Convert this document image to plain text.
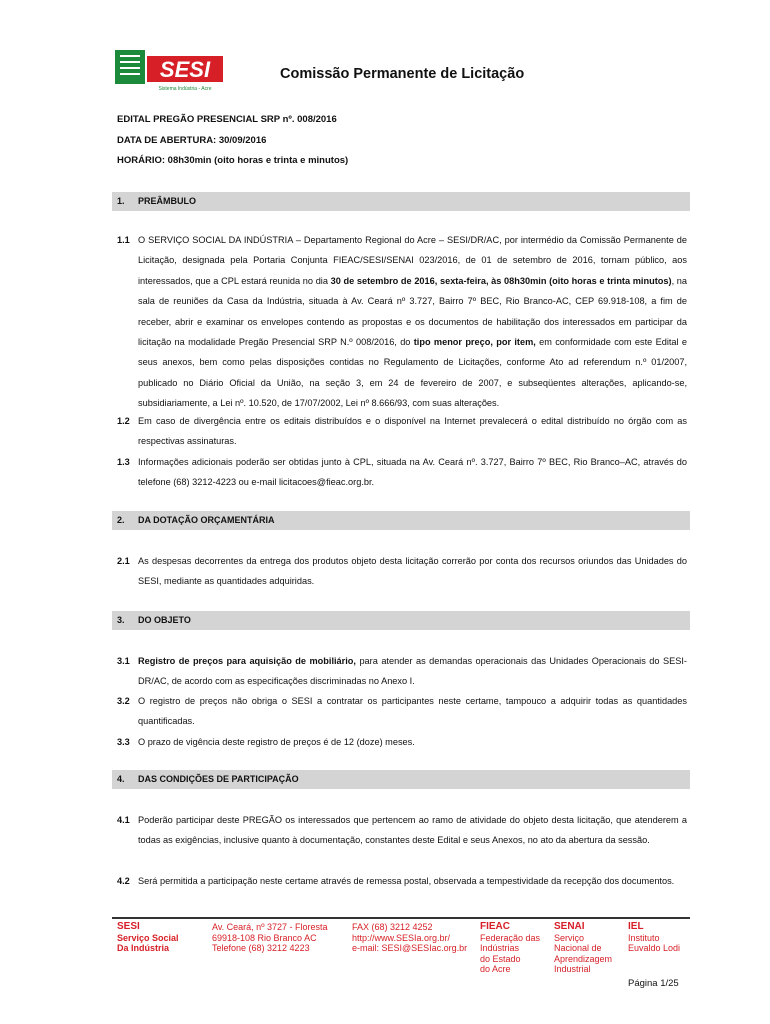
SESI
Sistema Indústria - Acre
Comissão Permanente de Licitação
EDITAL PREGÃO PRESENCIAL SRP nº. 008/2016
DATA DE ABERTURA: 30/09/2016
HORÁRIO: 08h30min (oito horas e trinta e minutos)
1. PREÂMBULO
1.1 O SERVIÇO SOCIAL DA INDÚSTRIA – Departamento Regional do Acre – SESI/DR/AC, por intermédio da Comissão Permanente de Licitação, designada pela Portaria Conjunta FIEAC/SESI/SENAI 023/2016, de 01 de setembro de 2016, tornam público, aos interessados, que a CPL estará reunida no dia 30 de setembro de 2016, sexta-feira, às 08h30min (oito horas e trinta minutos), na sala de reuniões da Casa da Indústria, situada à Av. Ceará nº 3.727, Bairro 7º BEC, Rio Branco-AC, CEP 69.918-108, a fim de receber, abrir e examinar os envelopes contendo as propostas e os documentos de habilitação dos interessados em participar da licitação na modalidade Pregão Presencial SRP N.º 008/2016, do tipo menor preço, por item, em conformidade com este Edital e seus anexos, bem como pelas disposições contidas no Regulamento de Licitações, conforme Ato ad referendum n.º 01/2007, publicado no Diário Oficial da União, na seção 3, em 24 de fevereiro de 2007, e subseqüentes alterações, aplicando-se, subsidiariamente, a Lei nº. 10.520, de 17/07/2002, Lei nº 8.666/93, com suas alterações.
1.2 Em caso de divergência entre os editais distribuídos e o disponível na Internet prevalecerá o edital distribuído no órgão com as respectivas assinaturas.
1.3 Informações adicionais poderão ser obtidas junto à CPL, situada na Av. Ceará nº. 3.727, Bairro 7º BEC, Rio Branco–AC, através do telefone (68) 3212-4223 ou e-mail licitacoes@fieac.org.br.
2. DA DOTAÇÃO ORÇAMENTÁRIA
2.1 As despesas decorrentes da entrega dos produtos objeto desta licitação correrão por conta dos recursos oriundos das Unidades do SESI, mediante as quantidades adquiridas.
3. DO OBJETO
3.1 Registro de preços para aquisição de mobiliário, para atender as demandas operacionais das Unidades Operacionais do SESI-DR/AC, de acordo com as especificações discriminadas no Anexo I.
3.2 O registro de preços não obriga o SESI a contratar os participantes neste certame, tampouco a adquirir todas as quantidades quantificadas.
3.3 O prazo de vigência deste registro de preços é de 12 (doze) meses.
4. DAS CONDIÇÕES DE PARTICIPAÇÃO
4.1 Poderão participar deste PREGÃO os interessados que pertencem ao ramo de atividade do objeto desta licitação, que atenderem a todas as exigências, inclusive quanto à documentação, constantes deste Edital e seus Anexos, no ato da abertura da sessão.
4.2 Será permitida a participação neste certame através de remessa postal, observada a tempestividade da recepção dos documentos.
SESI
Serviço Social
Da Indústria
Av. Ceará, nº 3727 - Floresta
69918-108 Rio Branco AC
Telefone (68) 3212 4223
FAX (68) 3212 4252
http://www.SESIa.org.br/
e-mail: SESI@SESIac.org.br
FIEAC
Federação das
Indústrias
do Estado
do Acre
SENAI
Serviço
Nacional de
Aprendizagem
Industrial
IEL
Instituto
Euvaldo Lodi
Página 1/25
